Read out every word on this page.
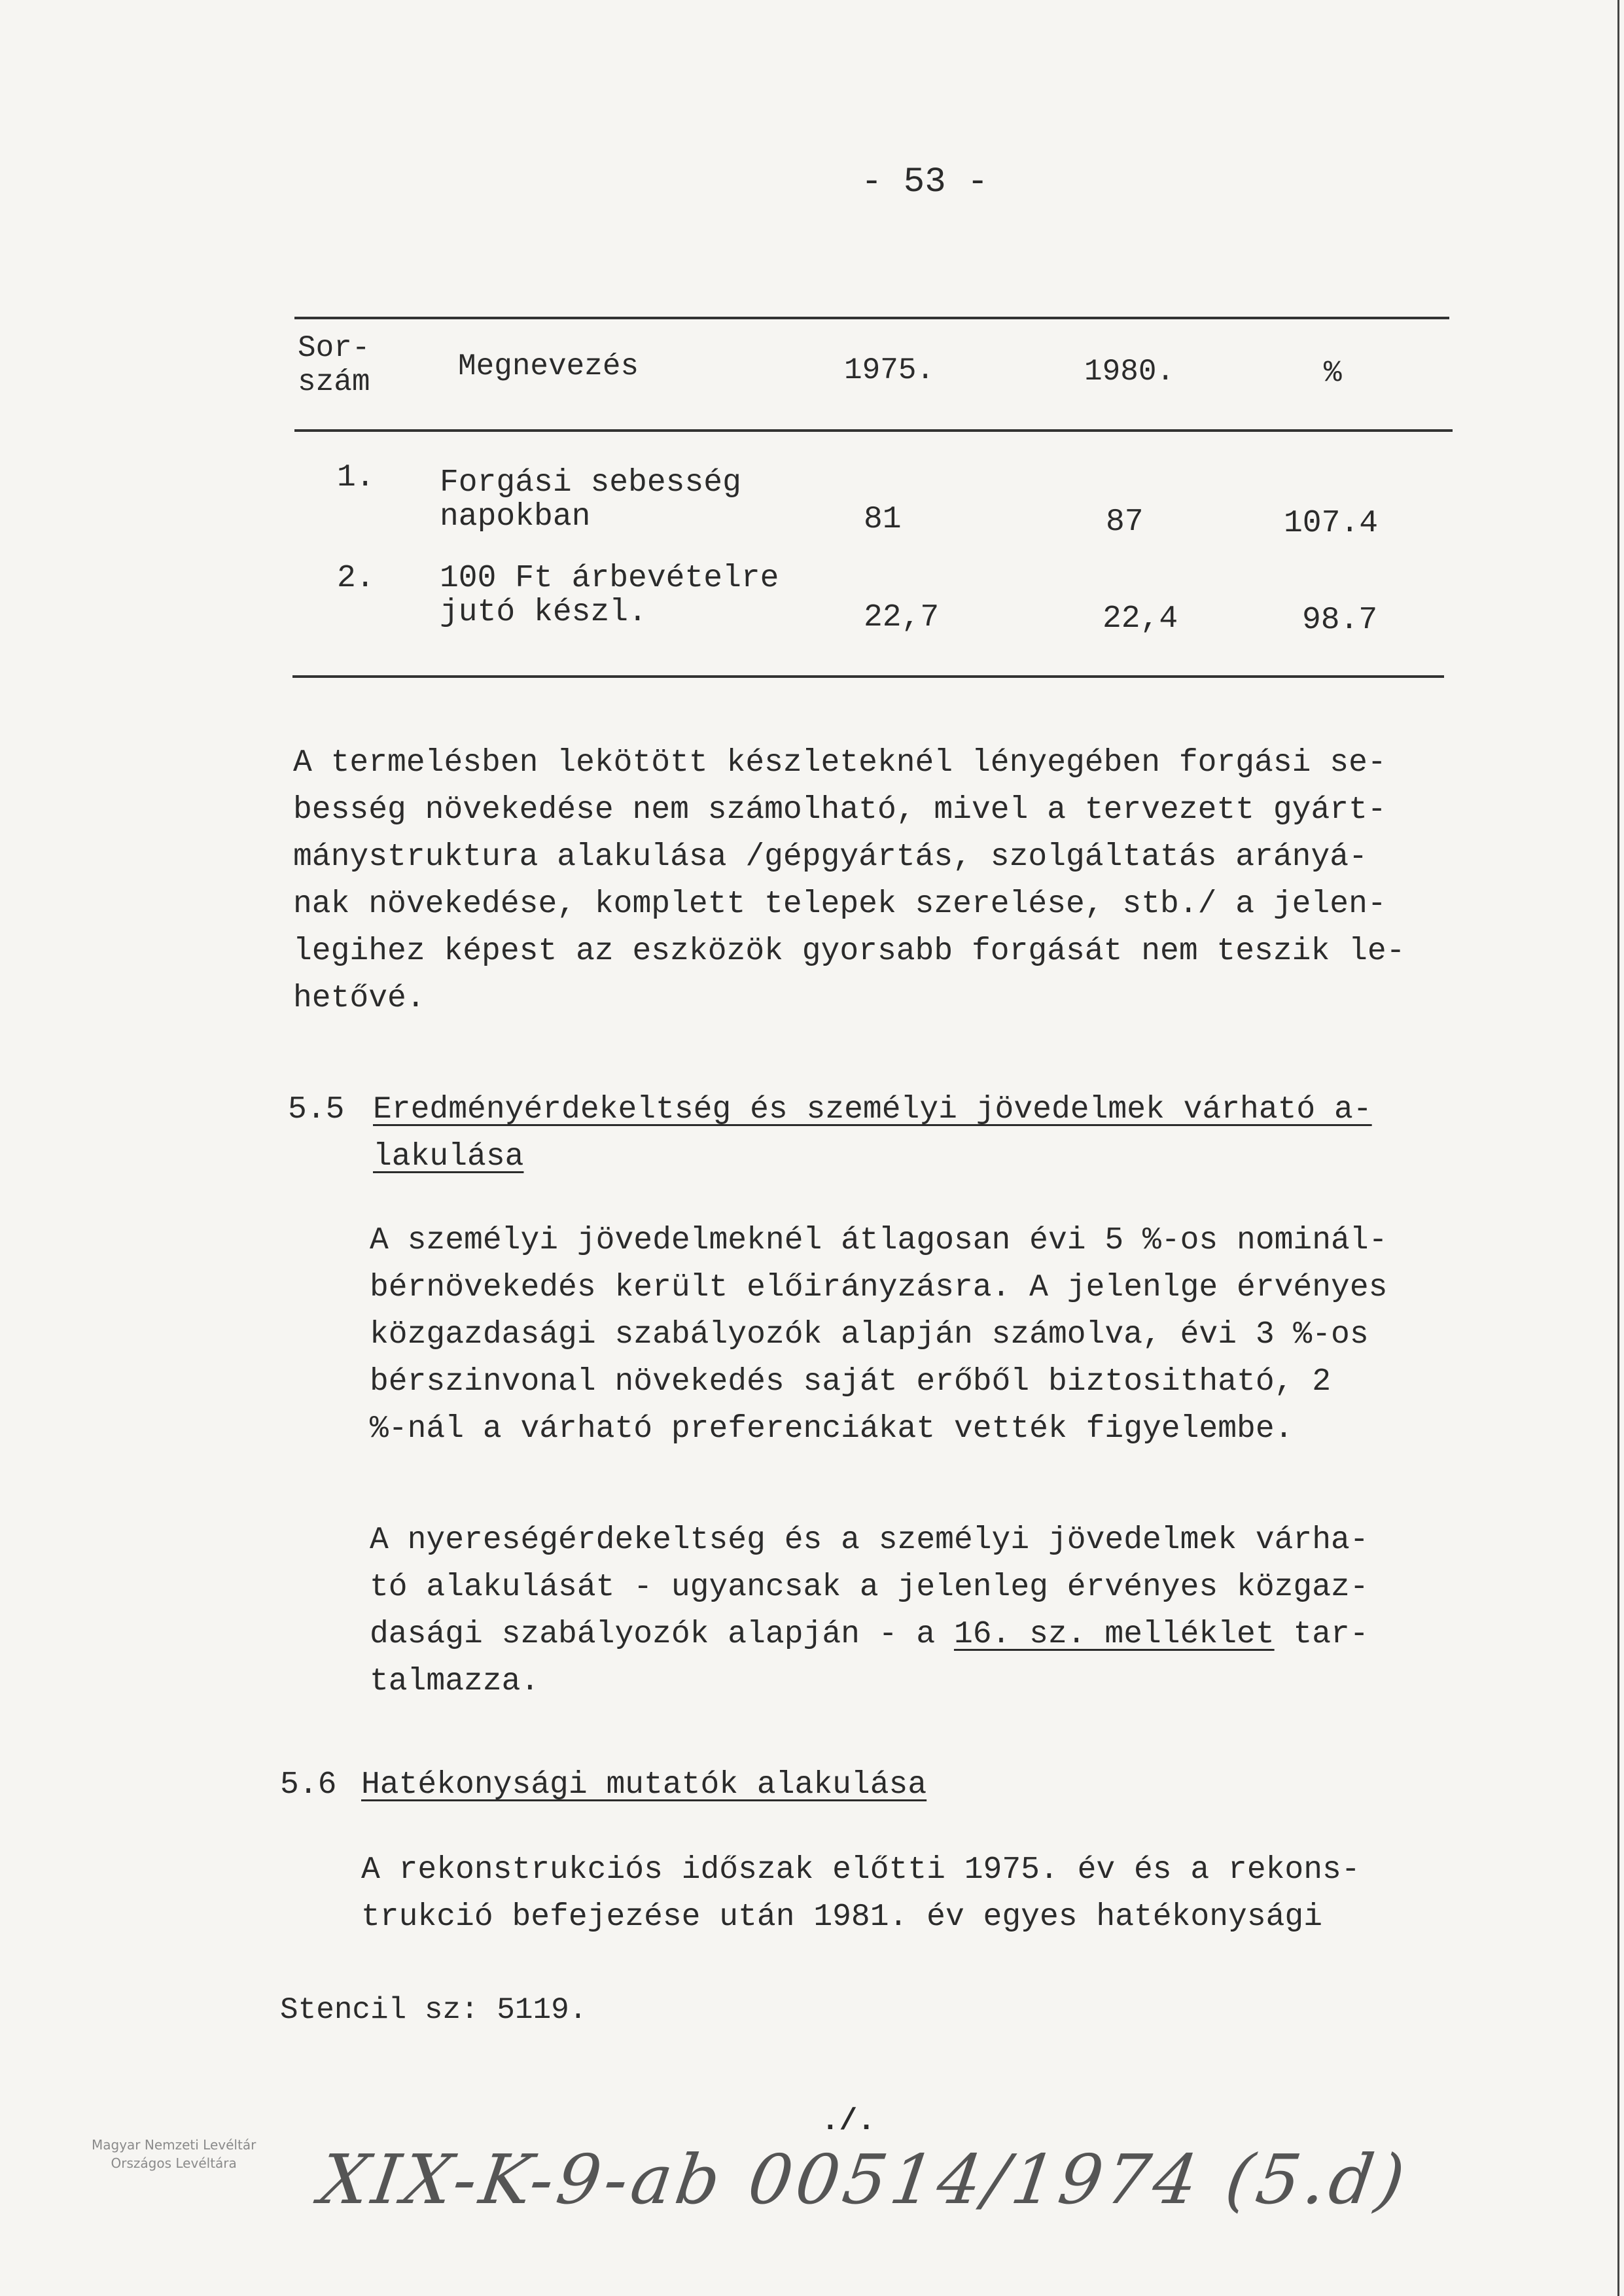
- 53 -
Sor-
szám	Megnevezés	1975.	1980.	%
1. Forgási sebesség
napokban	81	87	107.4
2. 100 Ft árbevételre
jutó készl.	22,7	22,4	98.7
A termelésben lekötött készleteknél lényegében forgási se-
besség növekedése nem számolható, mivel a tervezett gyárt-
mánystruktura alakulása /gépgyártás, szolgáltatás arányá-
nak növekedése, komplett telepek szerelése, stb./ a jelen-
legihez képest az eszközök gyorsabb forgását nem teszik le-
hetővé.
5.5 Eredményérdekeltség és személyi jövedelmek várható a-
lakulása
A személyi jövedelmeknél átlagosan évi 5 %-os nominál-
bérnövekedés került előirányzásra. A jelenlge érvényes
közgazdasági szabályozók alapján számolva, évi 3 %-os
bérszinvonal növekedés saját erőből biztositható, 2
%-nál a várható preferenciákat vették figyelembe.
A nyereségérdekeltség és a személyi jövedelmek várha-
tó alakulását - ugyancsak a jelenleg érvényes közgaz-
dasági szabályozók alapján - a 16. sz. melléklet tar-
talmazza.
5.6 Hatékonysági mutatók alakulása
A rekonstrukciós időszak előtti 1975. év és a rekons-
trukció befejezése után 1981. év egyes hatékonysági
Stencil sz: 5119.
./.
Magyar Nemzeti Levéltár
Országos Levéltára XIX-K-9-ab 00514/1974 (5.d)
